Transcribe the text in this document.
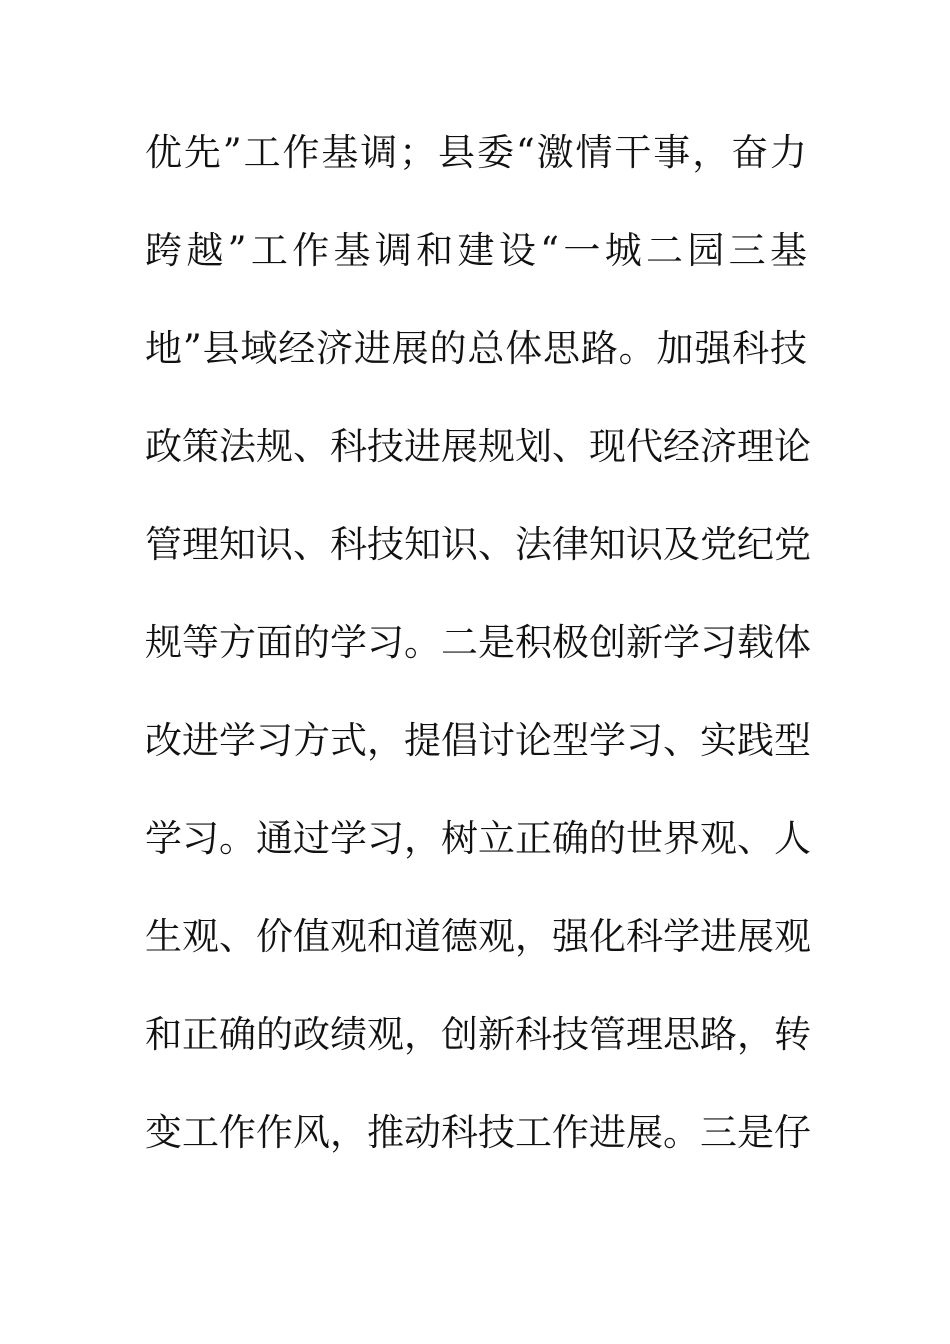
优先”工作基调；县委“激情干事，奋力
跨越”工作基调和建设“一城二园三基
地”县域经济进展的总体思路。加强科技
政策法规、科技进展规划、现代经济理论
管理知识、科技知识、法律知识及党纪党
规等方面的学习。二是积极创新学习载体
改进学习方式，提倡讨论型学习、实践型
学习。通过学习，树立正确的世界观、人
生观、价值观和道德观，强化科学进展观
和正确的政绩观，创新科技管理思路，转
变工作作风，推动科技工作进展。三是仔
